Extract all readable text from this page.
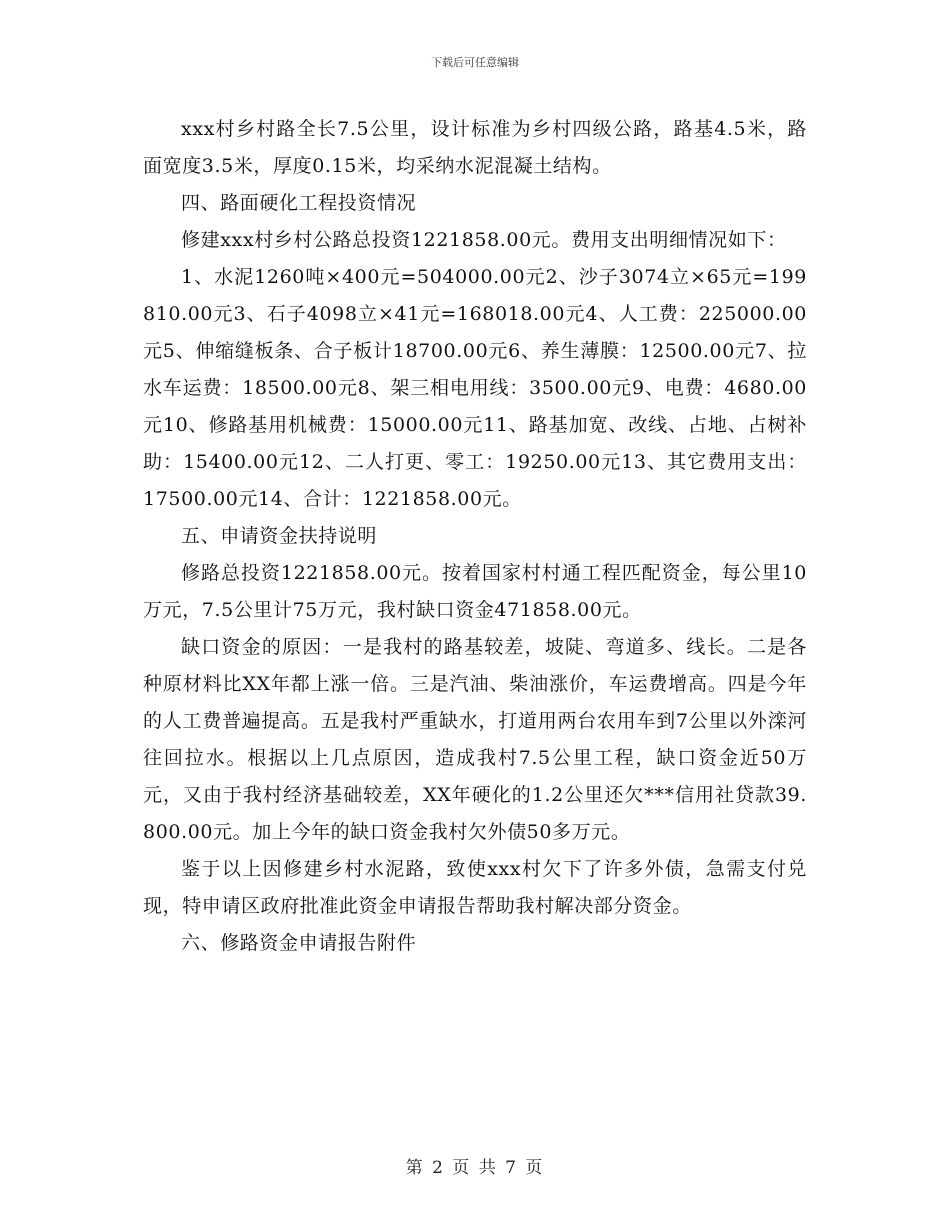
下载后可任意编辑

xxx村乡村路全长7.5公里，设计标准为乡村四级公路，路基4.5米，路面宽度3.5米，厚度0.15米，均采纳水泥混凝土结构。

四、路面硬化工程投资情况

修建xxx村乡村公路总投资1221858.00元。费用支出明细情况如下：

1、水泥1260吨×400元=504000.00元2、沙子3074立×65元=199810.00元3、石子4098立×41元=168018.00元4、人工费：225000.00元5、伸缩缝板条、合子板计18700.00元6、养生薄膜：12500.00元7、拉水车运费：18500.00元8、架三相电用线：3500.00元9、电费：4680.00元10、修路基用机械费：15000.00元11、路基加宽、改线、占地、占树补助：15400.00元12、二人打更、零工：19250.00元13、其它费用支出：17500.00元14、合计：1221858.00元。

五、申请资金扶持说明

修路总投资1221858.00元。按着国家村村通工程匹配资金，每公里10万元，7.5公里计75万元，我村缺口资金471858.00元。

缺口资金的原因：一是我村的路基较差，坡陡、弯道多、线长。二是各种原材料比XX年都上涨一倍。三是汽油、柴油涨价，车运费增高。四是今年的人工费普遍提高。五是我村严重缺水，打道用两台农用车到7公里以外滦河往回拉水。根据以上几点原因，造成我村7.5公里工程，缺口资金近50万元，又由于我村经济基础较差，XX年硬化的1.2公里还欠***信用社贷款39.800.00元。加上今年的缺口资金我村欠外债50多万元。

鉴于以上因修建乡村水泥路，致使xxx村欠下了许多外债，急需支付兑现，特申请区政府批准此资金申请报告帮助我村解决部分资金。

六、修路资金申请报告附件

第 2 页 共 7 页
